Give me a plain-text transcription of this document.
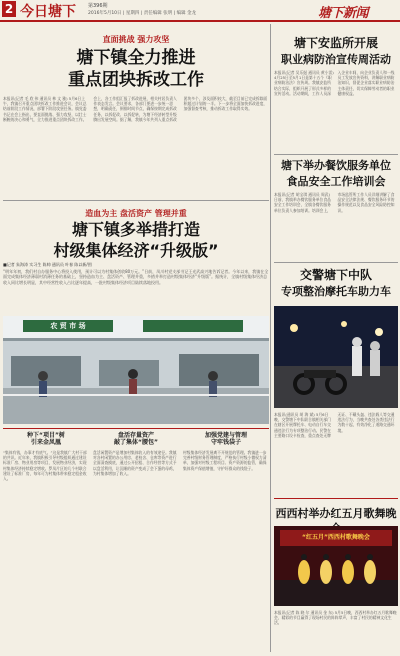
2 今日塘下 第396期
2016年5月10日 | 星期四 | 责任编辑 张明 | 编辑 金龙	塘下新闻
直面挑战 强力攻坚
塘下镇全力推进
重点团块拆改工作
本报讯(记者 毛 欣 伟 通讯员 林 文 雅) 5月6日上午，我镇召开重点团块拆改工作推进会议，会议总结前阶段工作情况，部署下阶段攻坚任务。镇党委书记在会上指出，要直面挑战、强力攻坚，以壮士断腕的决心和勇气，全力推进重点团块拆改工作。会上，各工作组汇报了拆改进展，相关村居负责人作表态发言。会议要求，各部门要进一步统一思想，明确责任，倒排时间节点，确保按期完成拆改任务，以拆促改、以拆促转，为塘下经济转型升级腾出发展空间。据了解，我镇今年共列入重点拆改团块多个，涉及面积较大，截至目前已完成拆除面积超过计划的一半。下一步将全面加快拆改进度，加强督查考核，推动拆改工作取得实效。
造血为主 盘活资产 管理并重
塘下镇多举措打造
村级集体经济“升级版”
■记者 朱海涛 实习生 陈帅 通讯员 叶春 陈以新/图
“明年年初，我们村自办服务中心将投入使用，预计可以为村集体创收80万元。”日前，凤川村党支部书记王光武高兴地告诉记者。今年以来，我镇在全面完成集体经济薄弱村消薄任务的基础上，坚持造血为主、盘活资产、管理并重，多措并举打造村级集体经济“升级版”。据统计，全镇村级集体经济总收入同比增长明显，其中经营性收入占比逐年提高，一批村级集体经济项目陆续落地投用。
农 贸 市 场
种下“项目”树
引来金凤凰
盘活存量资产
敲了集体“腰包”
加强党建与管理
守牢钱袋子
“集体有钱，办事才有底气。”这是我镇广大村干部的共识。近年来，我镇积极引导村级组织通过建设标准厂房、物业用房等项目，发展物业经济，实现村集体经济持续稳定增收。罗凤片区的几个村联合建设了标准厂房，每年可为村集体带来稳定租金收入。
盘活闲置资产是增加村集体收入的有效途径。我镇对各村闲置的办公用房、老校舍、仓库等资产进行全面清查摸底，通过公开招租、合作经营等方式予以盘活利用，让沉睡的资产变成了会下蛋的母鸡，为村集体增加了收入。
村级集体经济发展离不开规范的管理。我镇进一步完善村级财务管理制度，严格执行村级小微权力清单，加强对村级工程项目、资产资源的监管，确保集体资产保值增值，守护好群众的钱袋子。
塘下安监所开展
职业病防治宣传周活动
本报讯(记者 吴乐挺 通讯员 黄小雷) 4月25日至5月1日是第十五个《职业病防治法》宣传周。我镇安监所结合实际，组织开展了形式多样的宣传活动。活动期间，工作人员深入企业车间，向企业负责人和一线员工发放宣传资料，讲解职业病防治知识，督促企业落实职业病防治主体责任，切实保障劳动者的职业健康权益。
塘下举办餐饮服务单位
食品安全工作培训会
本报讯(记者 胡宝琪 通讯员 周武) 日前，我镇举办餐饮服务单位食品安全工作培训会，全镇各餐饮服务单位负责人参加培训。培训会上，市场监管所工作人员详细讲解了食品安全法律法规、餐饮服务环节的操作规范以及食品安全风险防控知识。
交警塘下中队
专项整治摩托车助力车
本报讯(通讯员 胡 海 斌) 5月6日晚，交警塘下中队联合镇相关部门在辖区开展摩托车、电动自行车交通违法行为专项整治行动。民警在主要路口设卡检查，重点查处无牌无证、不戴头盔、违法载人等交通违法行为，当晚共查处各类违法行为数十起，有效净化了道路交通环境。
西西村举办红五月歌舞晚
“红五月”西西村歌舞晚会
本报讯(记者 陈 晓 尔 通讯员 金 东) 5月5日晚，西西村举办红五月歌舞晚会，精彩的节目赢得了现场村民的阵阵掌声，丰富了村民的精神文化生活。
